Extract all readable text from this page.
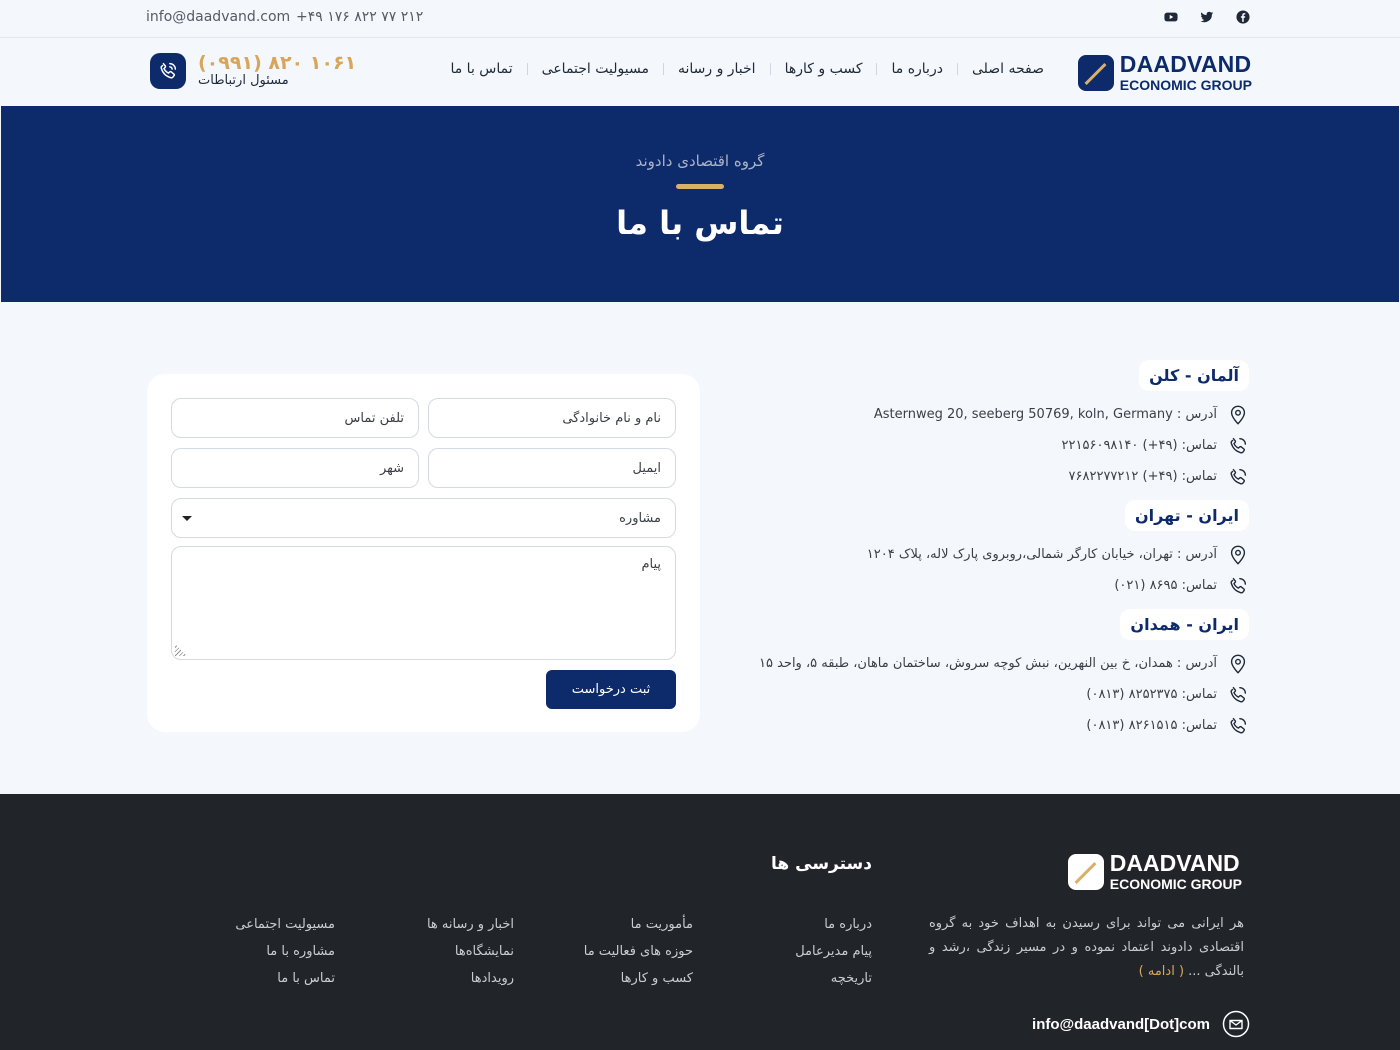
info@daadvand.com +۴۹ ۱۷۶ ۸۲۲ ۷۷ ۲۱۲
DAADVAND
ECONOMIC GROUP
تماس با ما	مسیولیت اجتماعی	اخبار و رسانه	کسب و کارها	درباره ما	صفحه اصلی
(۰۹۹۱) ۸۲۰ ۱۰۶۱
مسئول ارتباطات
گروه اقتصادی دادوند
تماس با ما
نام و نام خانوادگی
تلفن تماس
ایمیل
شهر
مشاوره
پیام
ثبت درخواست
آلمان - کلن
آدرس : Asternweg 20, seeberg 50769, koln, Germany
تماس: (۴۹+) ۲۲۱۵۶۰۹۸۱۴۰
تماس: (۴۹+) ۷۶۸۲۲۷۷۲۱۲
ایران - تهران
آدرس : تهران، خیابان کارگر شمالی،روبروی پارک لاله، پلاک ۱۲۰۴
تماس: ۸۶۹۵ (۰۲۱)
ایران - همدان
آدرس : همدان، خ بین النهرین، نبش کوچه سروش، ساختمان ماهان، طبقه ۵، واحد ۱۵
تماس: ۸۲۵۲۳۷۵ (۰۸۱۳)
تماس: ۸۲۶۱۵۱۵ (۰۸۱۳)
DAADVAND
ECONOMIC GROUP

هر ایرانی می تواند برای رسیدن به اهداف خود به گروه اقتصادی دادوند اعتماد نموده و در مسیر زندگی ،رشد و بالندگی ... ( ادامه )

info@daadvand[Dot]com
دسترسی ها
درباره ما
پیام مدیرعامل
تاریخچه
مأموریت ما
حوزه های فعالیت ما
کسب و کارها
اخبار و رسانه ها
نمایشگاه‌ها
رویدادها
مسیولیت اجتماعی
مشاوره با ما
تماس با ما
